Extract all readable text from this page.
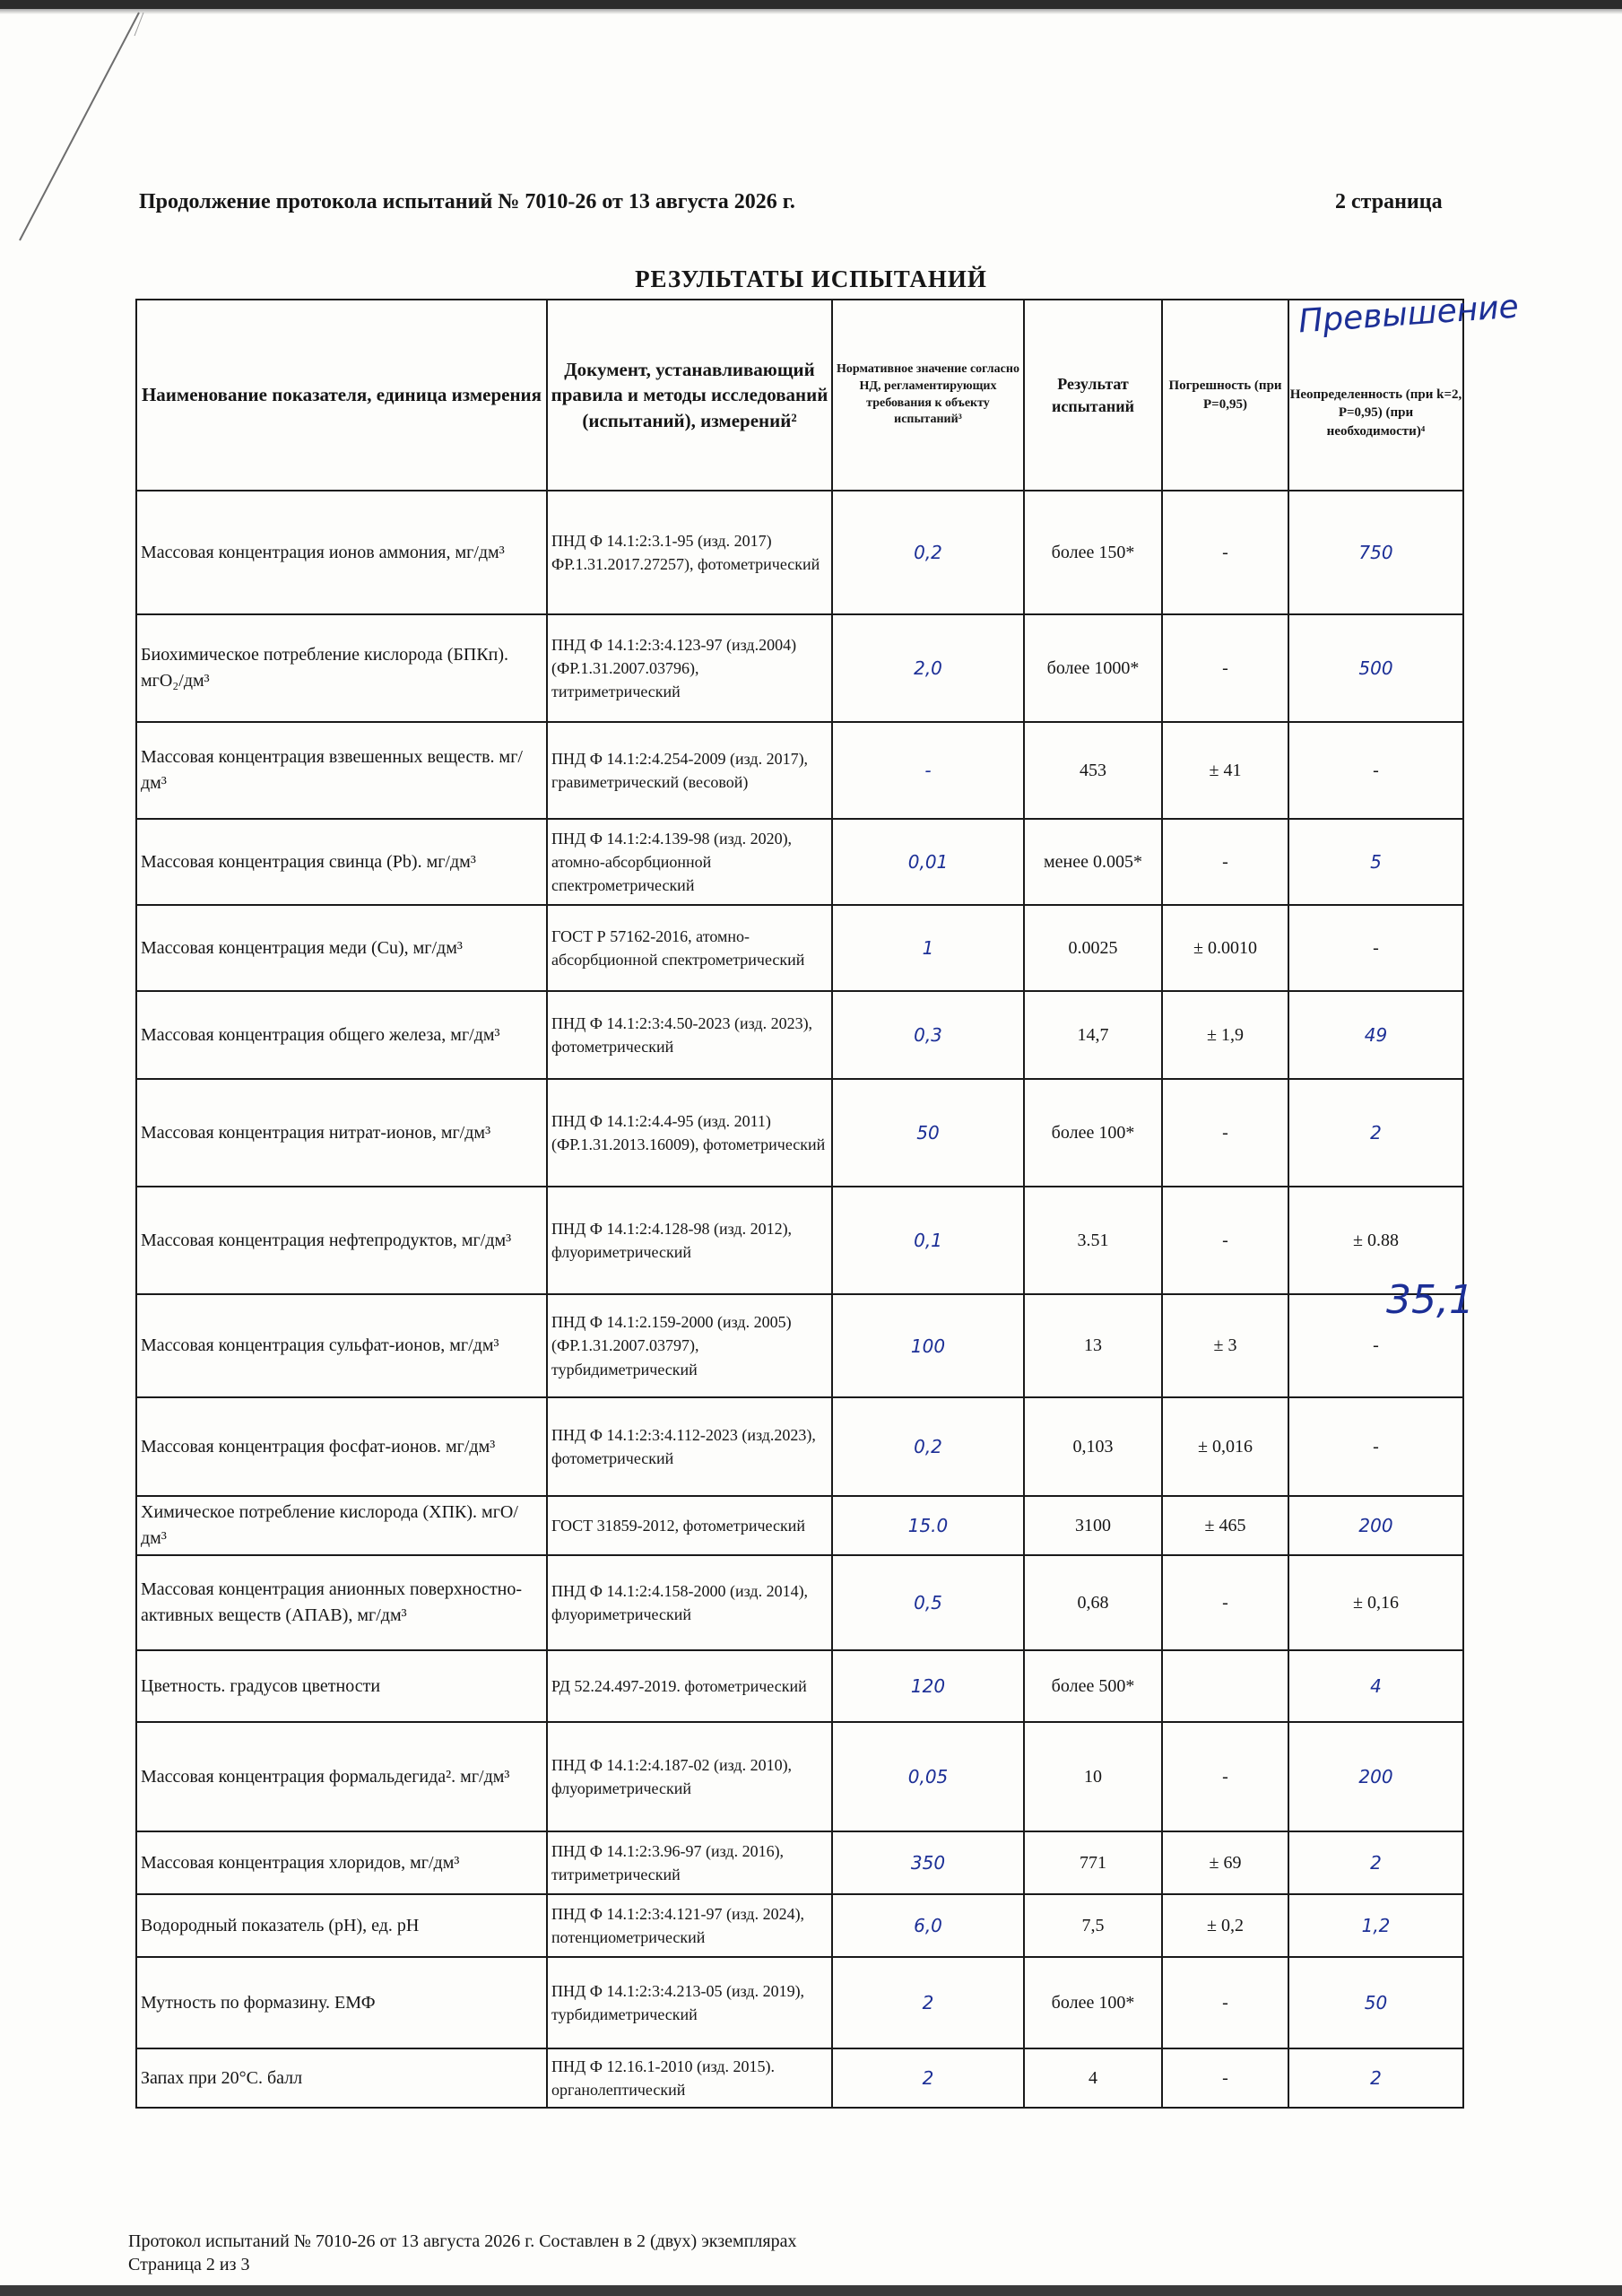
Продолжение протокола испытаний № 7010-26 от 13 августа 2026 г.	2 страница
РЕЗУЛЬТАТЫ ИСПЫТАНИЙ
Наименование показателя, единица измерения	Документ, устанавливающий правила и методы исследований (испытаний), измерений²	Нормативное значение согласно НД, регламентирующих требования к объекту испытаний³	Результат испытаний	Погрешность (при Р=0,95)	Неопределенность (при k=2, Р=0,95) (при необходимости)⁴
Массовая концентрация ионов аммония, мг/дм³	ПНД Ф 14.1:2:3.1-95 (изд. 2017) ФР.1.31.2017.27257), фотометрический	0,2	более 150*	-	750
Биохимическое потребление кислорода (БПКп). мгО₂/дм³	ПНД Ф 14.1:2:3:4.123-97 (изд.2004) (ФР.1.31.2007.03796), титриметрический	2,0	более 1000*	-	500
Массовая концентрация взвешенных веществ. мг/дм³	ПНД Ф 14.1:2:4.254-2009 (изд. 2017), гравиметрический (весовой)	-	453	± 41	-
Массовая концентрация свинца (Pb). мг/дм³	ПНД Ф 14.1:2:4.139-98 (изд. 2020), атомно-абсорбционной спектрометрический	0,01	менее 0.005*	-	5
Массовая концентрация меди (Cu), мг/дм³	ГОСТ Р 57162-2016, атомно-абсорбционной спектрометрический	1	0.0025	± 0.0010	-
Массовая концентрация общего железа, мг/дм³	ПНД Ф 14.1:2:3:4.50-2023 (изд. 2023), фотометрический	0,3	14,7	± 1,9	49
Массовая концентрация нитрат-ионов, мг/дм³	ПНД Ф 14.1:2:4.4-95 (изд. 2011) (ФР.1.31.2013.16009), фотометрический	50	более 100*	-	2
Массовая концентрация нефтепродуктов, мг/дм³	ПНД Ф 14.1:2:4.128-98 (изд. 2012), флуориметрический	0,1	3.51	-	± 0.88
Массовая концентрация сульфат-ионов, мг/дм³	ПНД Ф 14.1:2.159-2000 (изд. 2005) (ФР.1.31.2007.03797), турбидиметрический	100	13	± 3	-
Массовая концентрация фосфат-ионов. мг/дм³	ПНД Ф 14.1:2:3:4.112-2023 (изд.2023), фотометрический	0,2	0,103	± 0,016	-
Химическое потребление кислорода (ХПК). мгО/дм³	ГОСТ 31859-2012, фотометрический	15.0	3100	± 465	200
Массовая концентрация анионных поверхностно-активных веществ (АПАВ), мг/дм³	ПНД Ф 14.1:2:4.158-2000 (изд. 2014), флуориметрический	0,5	0,68	-	± 0,16
Цветность. градусов цветности	РД 52.24.497-2019. фотометрический	120	более 500*		4
Массовая концентрация формальдегида². мг/дм³	ПНД Ф 14.1:2:4.187-02 (изд. 2010), флуориметрический	0,05	10	-	200
Массовая концентрация хлоридов, мг/дм³	ПНД Ф 14.1:2:3.96-97 (изд. 2016), титриметрический	350	771	± 69	2
Водородный показатель (рН), ед. рН	ПНД Ф 14.1:2:3:4.121-97 (изд. 2024), потенциометрический	6,0	7,5	± 0,2	1,2
Мутность по формазину. ЕМФ	ПНД Ф 14.1:2:3:4.213-05 (изд. 2019), турбидиметрический	2	более 100*	-	50
Запах при 20°С. балл	ПНД Ф 12.16.1-2010 (изд. 2015). органолептический	2	4	-	2
Превышение
35,1
Протокол испытаний № 7010-26 от 13 августа 2026 г. Составлен в 2 (двух) экземплярах
Страница 2 из 3
